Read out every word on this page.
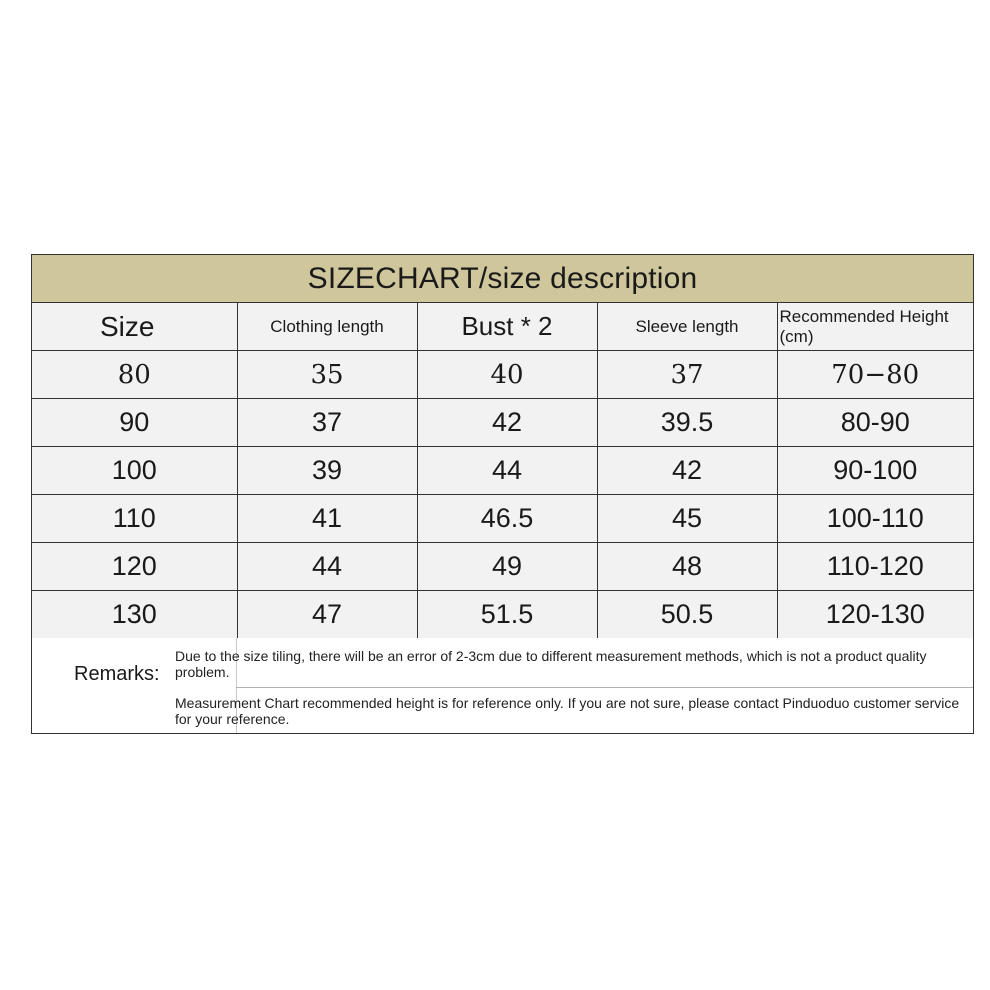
SIZECHART/size description
Size	Clothing length	Bust * 2	Sleeve length	Recommended Height
(cm)

80	35	40	37	70−80
90	37	42	39.5	80-90
100	39	44	42	90-100
110	41	46.5	45	100-110
120	44	49	48	110-120
130	47	51.5	50.5	120-130
Remarks:
Due to the size tiling, there will be an error of 2-3cm due to different measurement methods, which is not a product quality problem.
Measurement Chart recommended height is for reference only. If you are not sure, please contact Pinduoduo customer service for your reference.
